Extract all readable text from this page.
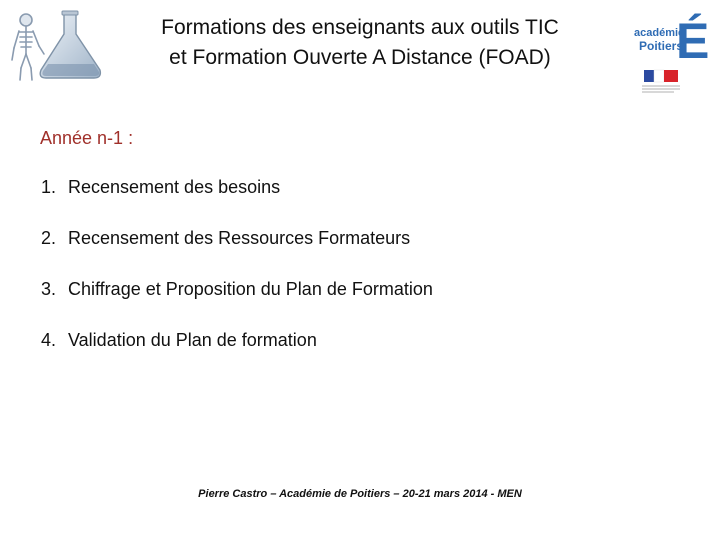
Formations des enseignants aux outils TIC
et Formation Ouverte A Distance (FOAD)
académie
Poitiers
É
Année n-1 :
1. Recensement des besoins
2. Recensement des Ressources Formateurs
3. Chiffrage et Proposition du Plan de Formation
4. Validation du Plan de formation
Pierre Castro – Académie de Poitiers – 20-21 mars 2014 - MEN
